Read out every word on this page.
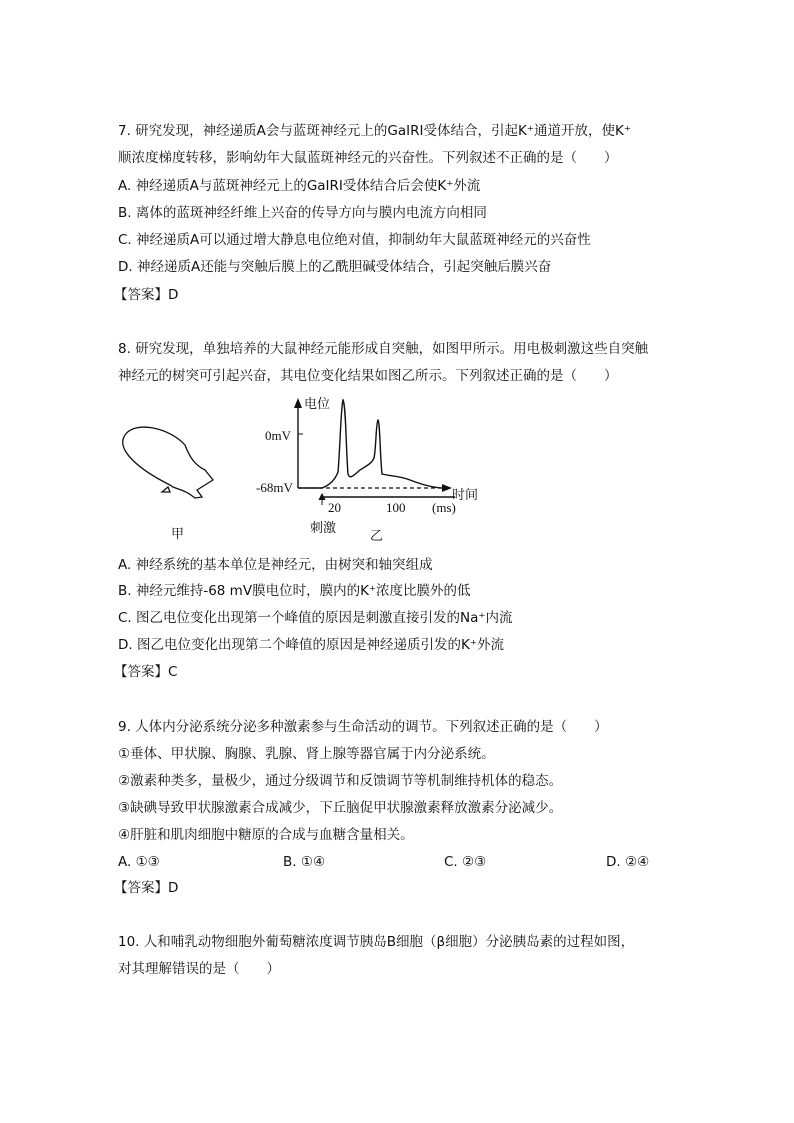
7. 研究发现，神经递质A会与蓝斑神经元上的GaIRI受体结合，引起K⁺通道开放，使K⁺
顺浓度梯度转移，影响幼年大鼠蓝斑神经元的兴奋性。下列叙述不正确的是（　　）
A. 神经递质A与蓝斑神经元上的GaIRI受体结合后会使K⁺外流
B. 离体的蓝斑神经纤维上兴奋的传导方向与膜内电流方向相同
C. 神经递质A可以通过增大静息电位绝对值，抑制幼年大鼠蓝斑神经元的兴奋性
D. 神经递质A还能与突触后膜上的乙酰胆碱受体结合，引起突触后膜兴奋
【答案】D
8. 研究发现，单独培养的大鼠神经元能形成自突触，如图甲所示。用电极刺激这些自突触
神经元的树突可引起兴奋，其电位变化结果如图乙所示。下列叙述正确的是（　　）
甲
电位
0mV
-68mV
时间
20	100 (ms)
刺激
乙
A. 神经系统的基本单位是神经元，由树突和轴突组成
B. 神经元维持-68 mV膜电位时，膜内的K⁺浓度比膜外的低
C. 图乙电位变化出现第一个峰值的原因是刺激直接引发的Na⁺内流
D. 图乙电位变化出现第二个峰值的原因是神经递质引发的K⁺外流
【答案】C
9. 人体内分泌系统分泌多种激素参与生命活动的调节。下列叙述正确的是（　　）
①垂体、甲状腺、胸腺、乳腺、肾上腺等器官属于内分泌系统。
②激素种类多，量极少，通过分级调节和反馈调节等机制维持机体的稳态。
③缺碘导致甲状腺激素合成减少，下丘脑促甲状腺激素释放激素分泌减少。
④肝脏和肌肉细胞中糖原的合成与血糖含量相关。
A. ①③	B. ①④	C. ②③	D. ②④
【答案】D
10. 人和哺乳动物细胞外葡萄糖浓度调节胰岛B细胞（β细胞）分泌胰岛素的过程如图，
对其理解错误的是（　　）
